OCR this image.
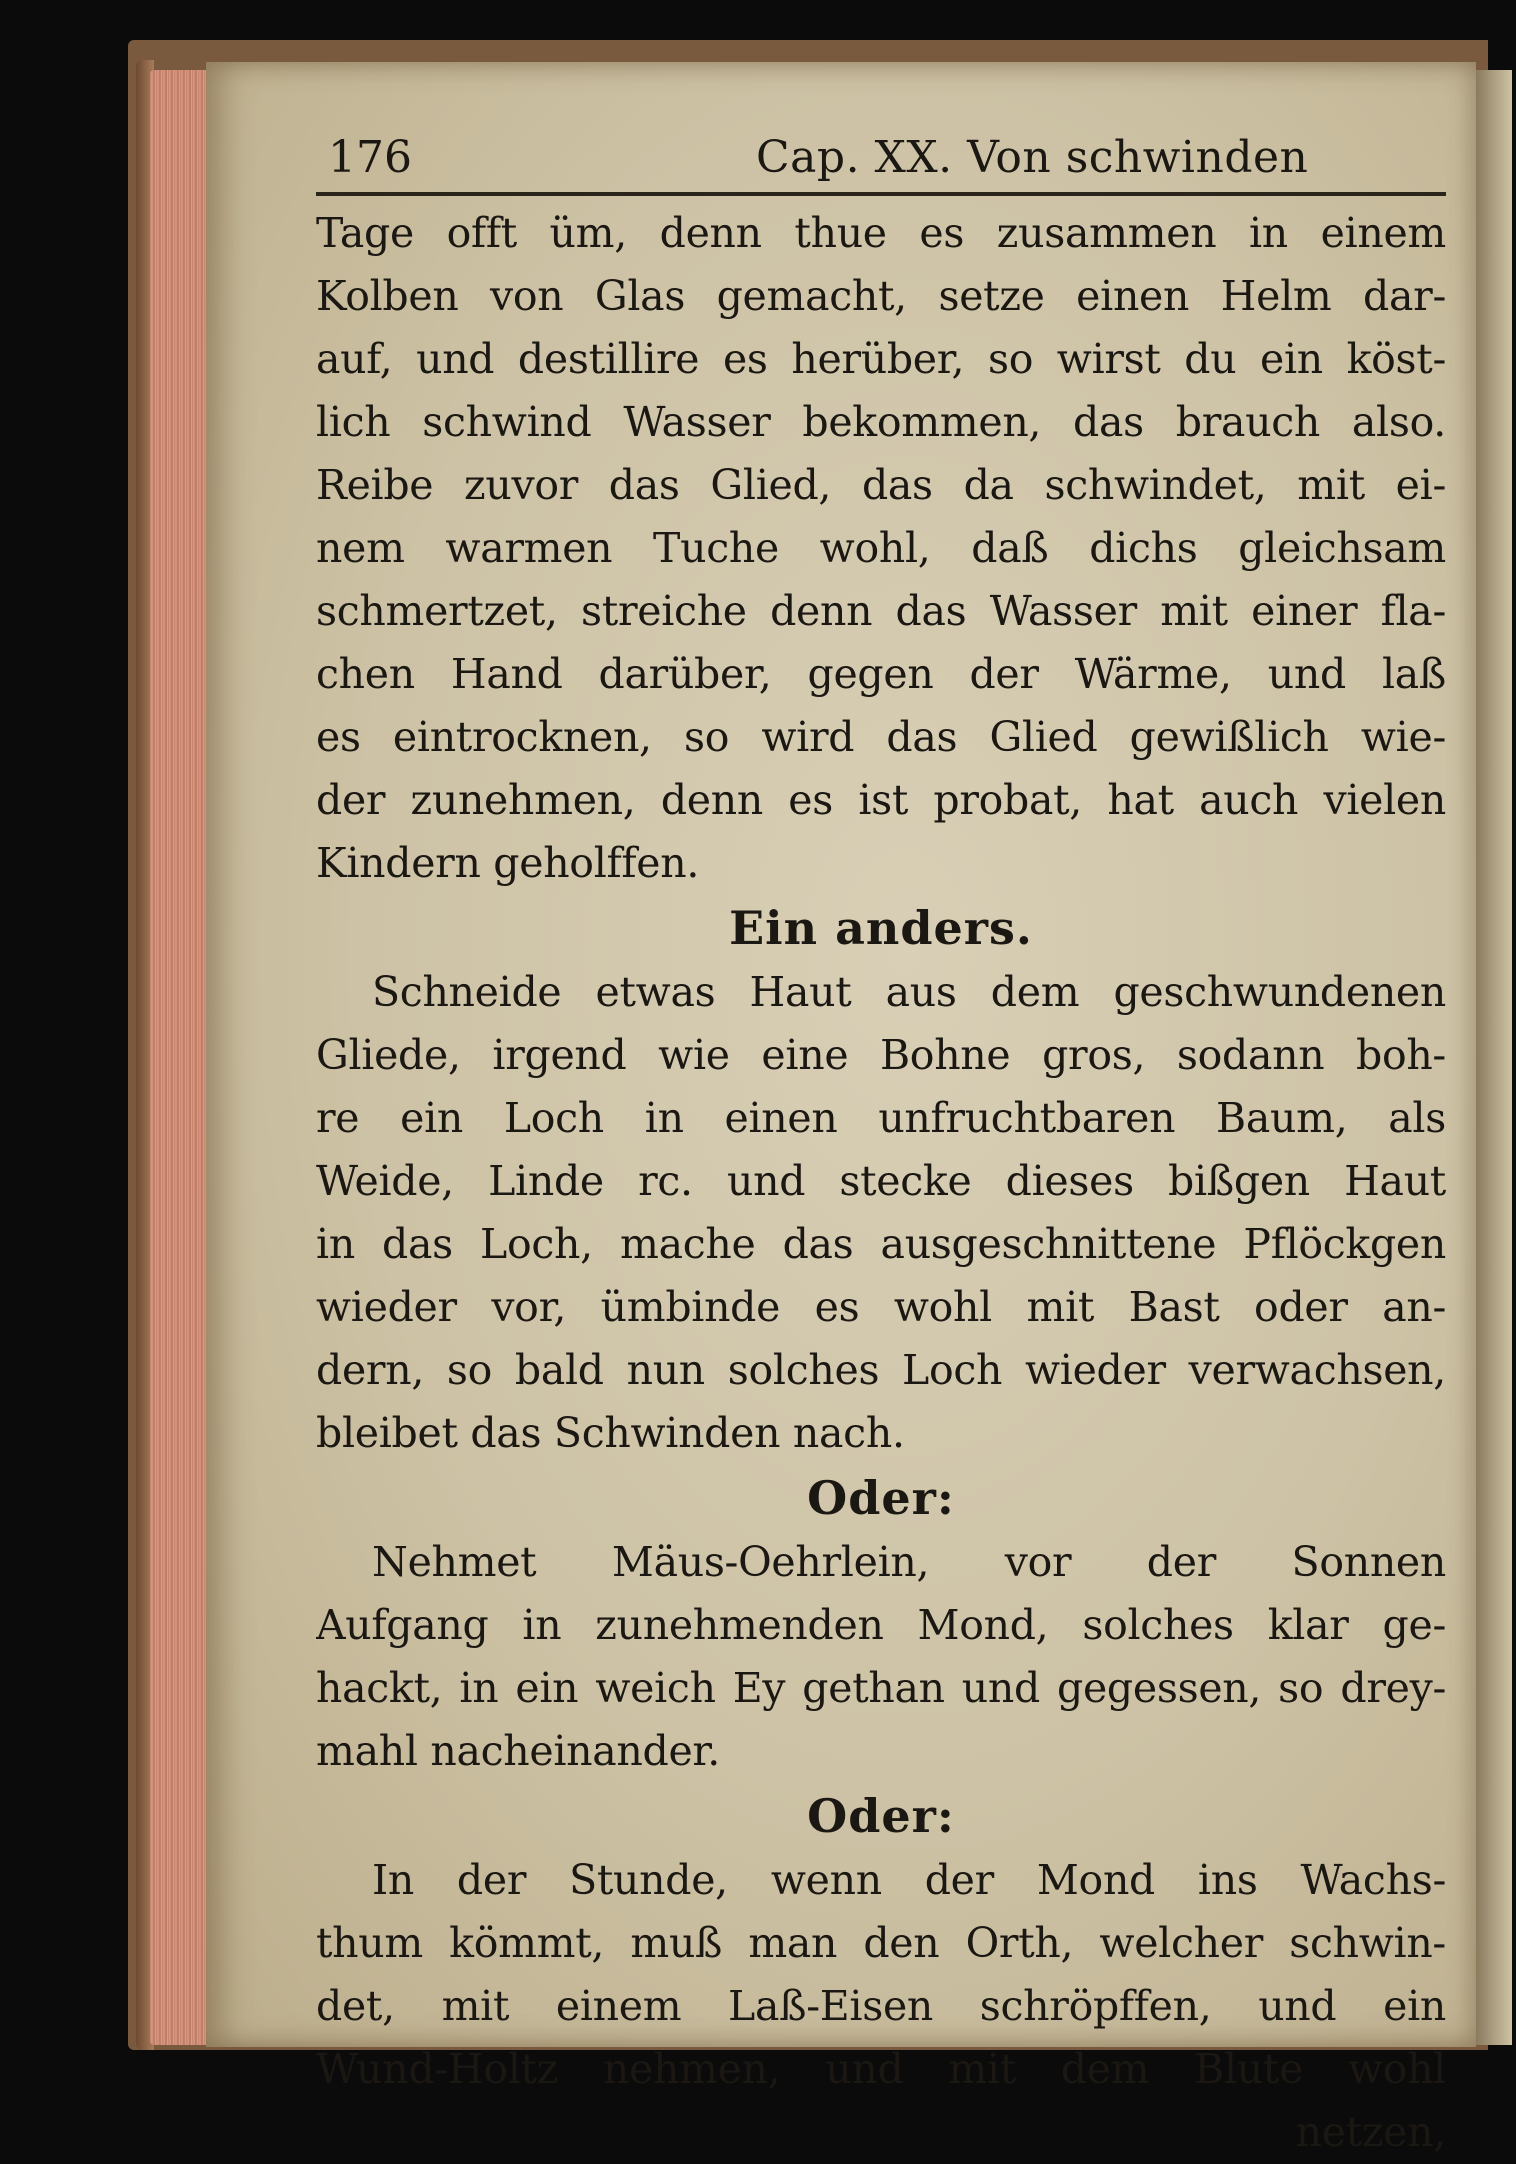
176	Cap. XX. Von schwinden
Tage offt üm, denn thue es zusammen in einem
Kolben von Glas gemacht, setze einen Helm dar-
auf, und destillire es herüber, so wirst du ein köst-
lich schwind Wasser bekommen, das brauch also.
Reibe zuvor das Glied, das da schwindet, mit ei-
nem warmen Tuche wohl, daß dichs gleichsam
schmertzet, streiche denn das Wasser mit einer fla-
chen Hand darüber, gegen der Wärme, und laß
es eintrocknen, so wird das Glied gewißlich wie-
der zunehmen, denn es ist probat, hat auch vielen
Kindern geholffen.
Ein anders.
Schneide etwas Haut aus dem geschwundenen
Gliede, irgend wie eine Bohne gros, sodann boh-
re ein Loch in einen unfruchtbaren Baum, als
Weide, Linde rc. und stecke dieses bißgen Haut
in das Loch, mache das ausgeschnittene Pflöckgen
wieder vor, ümbinde es wohl mit Bast oder an-
dern, so bald nun solches Loch wieder verwachsen,
bleibet das Schwinden nach.
Oder:
Nehmet Mäus-Oehrlein, vor der Sonnen
Aufgang in zunehmenden Mond, solches klar ge-
hackt, in ein weich Ey gethan und gegessen, so drey-
mahl nacheinander.
Oder:
In der Stunde, wenn der Mond ins Wachs-
thum kömmt, muß man den Orth, welcher schwin-
det, mit einem Laß-Eisen schröpffen, und ein
Wund-Holtz nehmen, und mit dem Blute wohl
netzen,
